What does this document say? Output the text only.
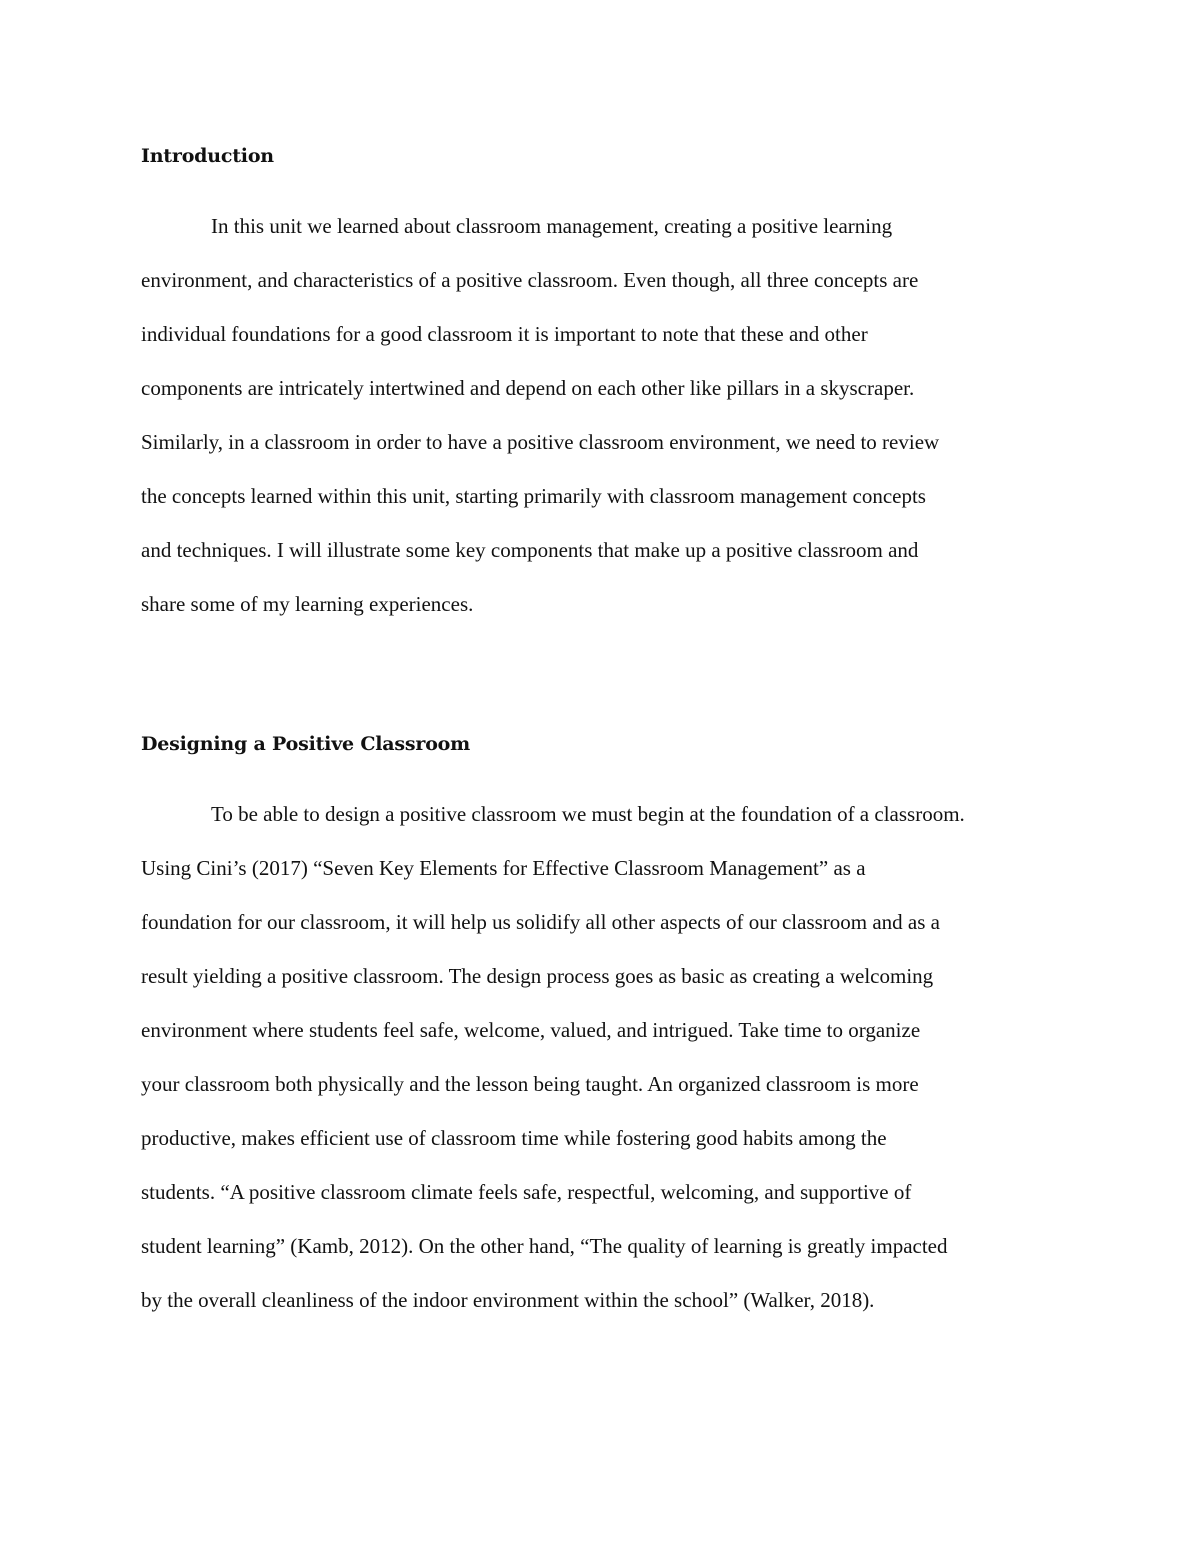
Introduction
In this unit we learned about classroom management, creating a positive learning
environment, and characteristics of a positive classroom. Even though, all three concepts are
individual foundations for a good classroom it is important to note that these and other
components are intricately intertwined and depend on each other like pillars in a skyscraper.
Similarly, in a classroom in order to have a positive classroom environment, we need to review
the concepts learned within this unit, starting primarily with classroom management concepts
and techniques. I will illustrate some key components that make up a positive classroom and
share some of my learning experiences.
Designing a Positive Classroom
To be able to design a positive classroom we must begin at the foundation of a classroom.
Using Cini’s (2017) “Seven Key Elements for Effective Classroom Management” as a
foundation for our classroom, it will help us solidify all other aspects of our classroom and as a
result yielding a positive classroom. The design process goes as basic as creating a welcoming
environment where students feel safe, welcome, valued, and intrigued. Take time to organize
your classroom both physically and the lesson being taught. An organized classroom is more
productive, makes efficient use of classroom time while fostering good habits among the
students. “A positive classroom climate feels safe, respectful, welcoming, and supportive of
student learning” (Kamb, 2012). On the other hand, “The quality of learning is greatly impacted
by the overall cleanliness of the indoor environment within the school” (Walker, 2018).
